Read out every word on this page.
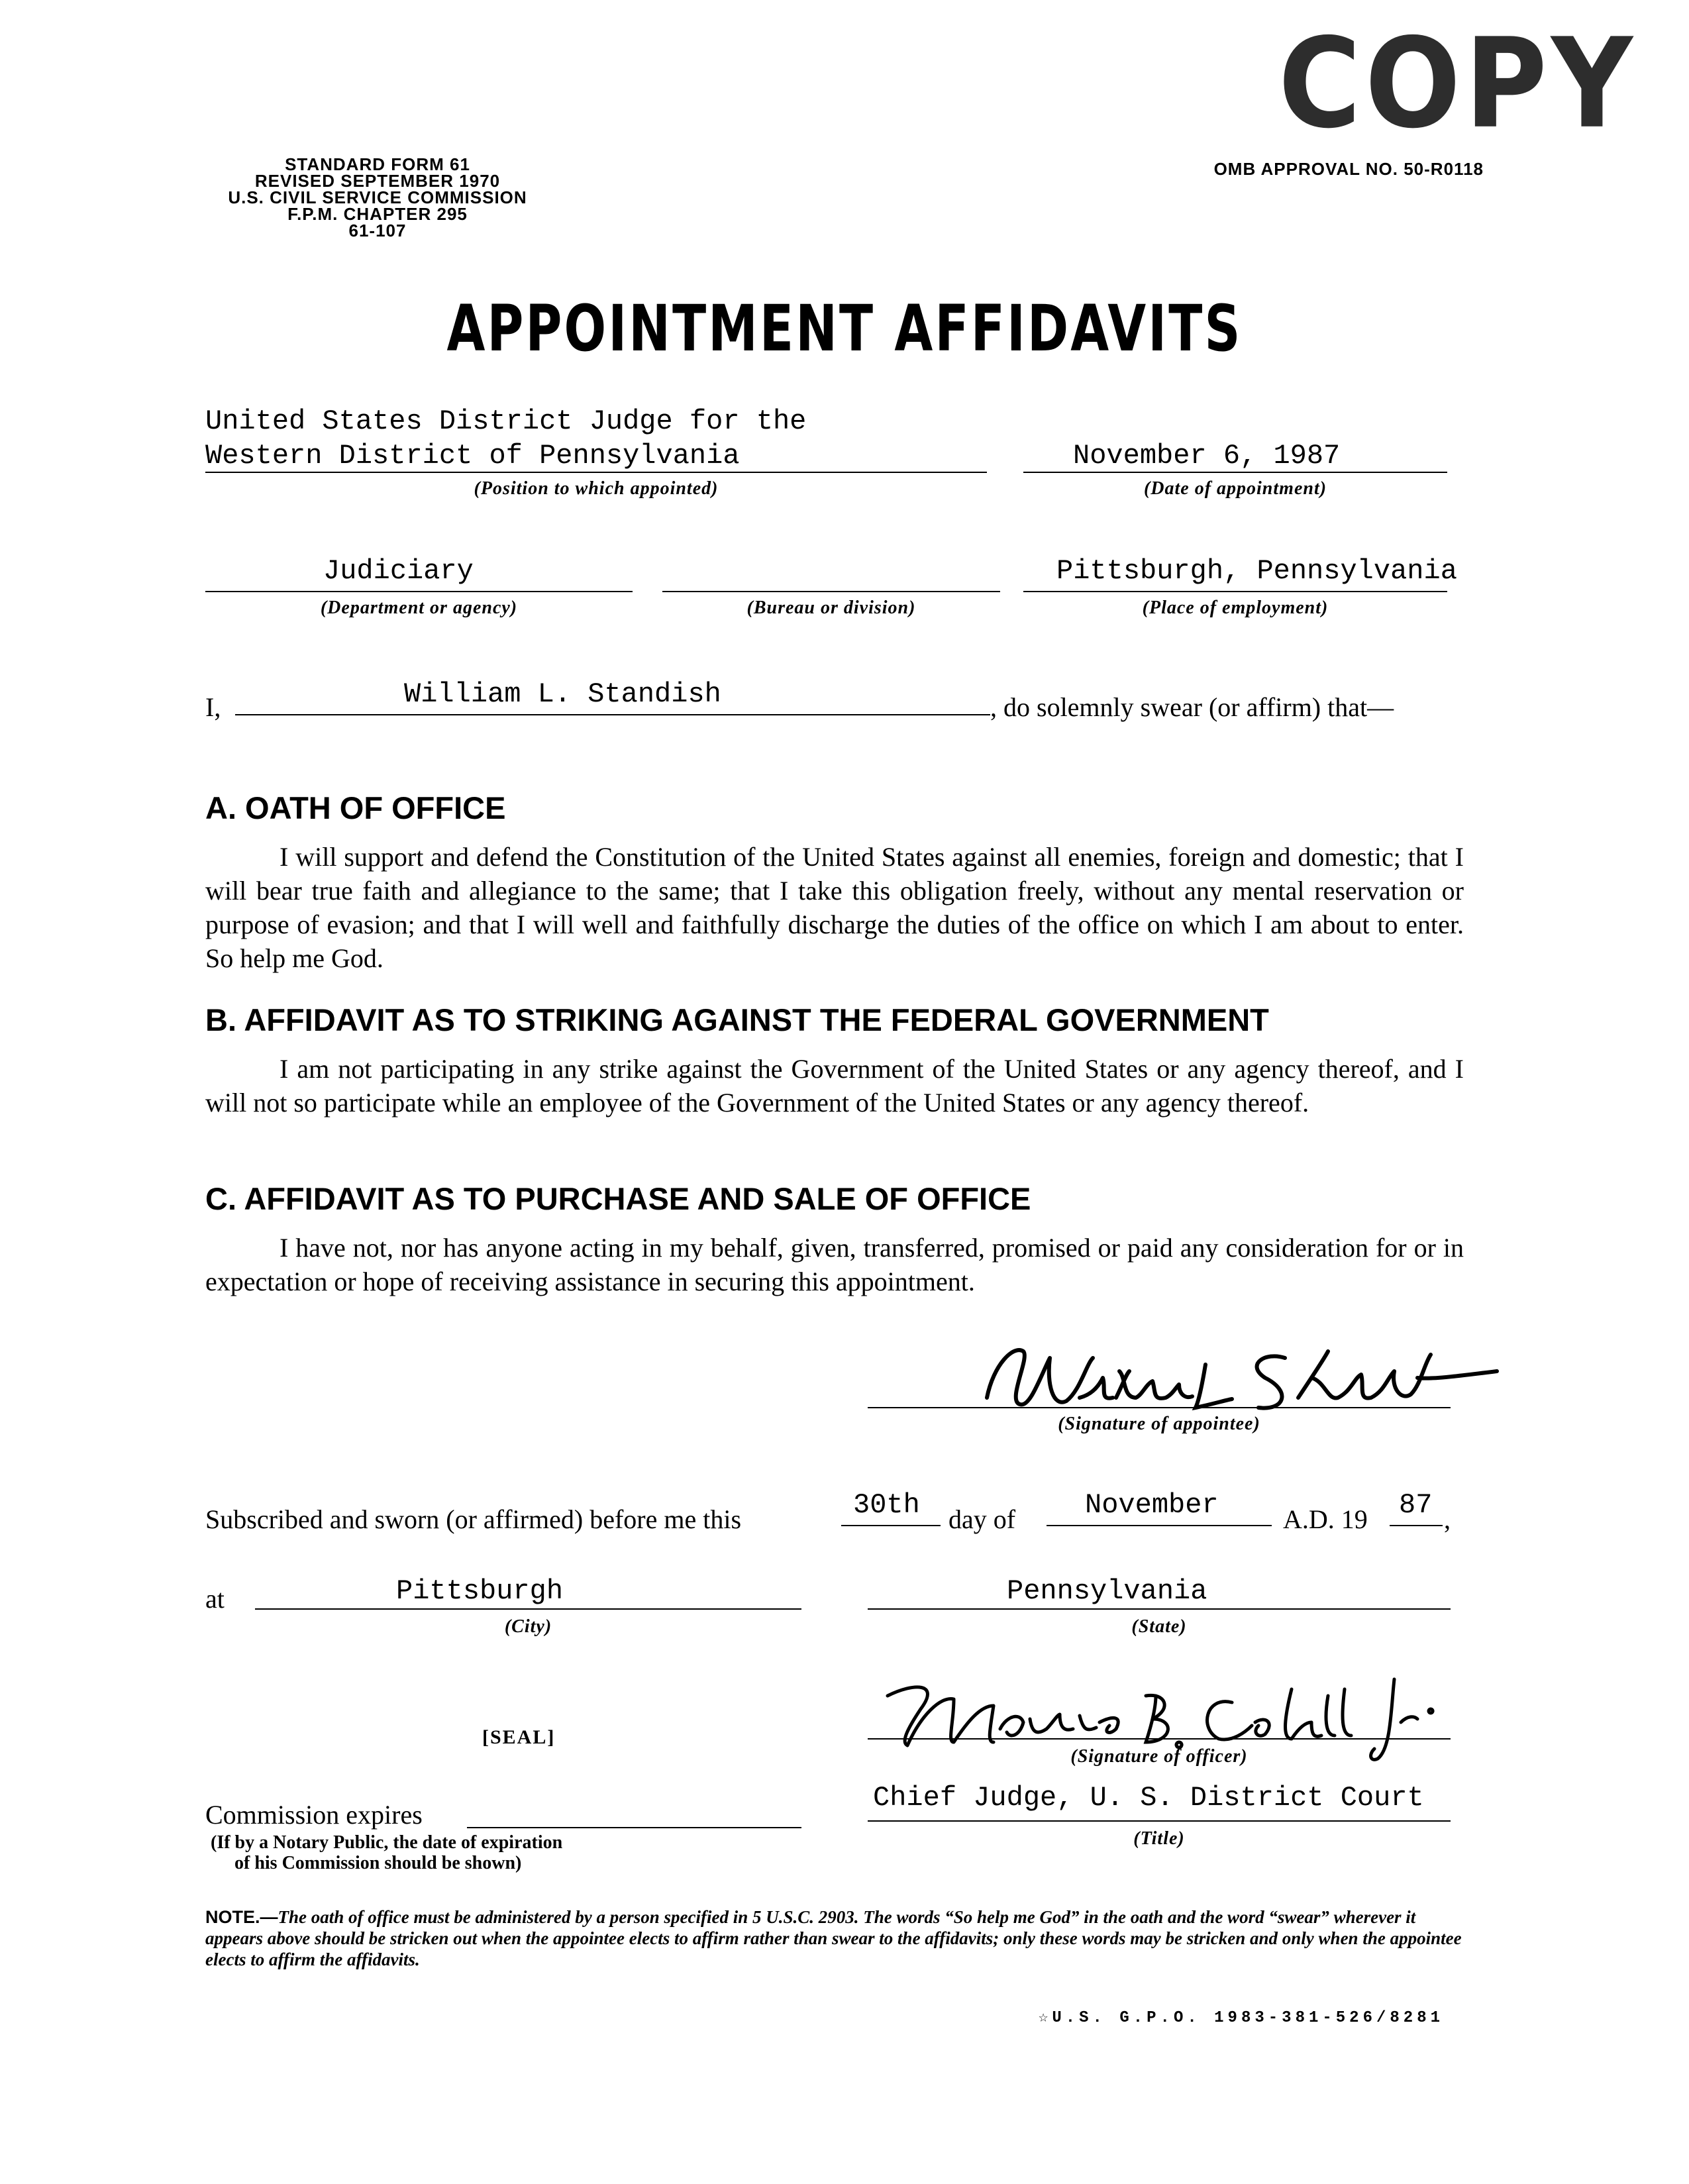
COPY
STANDARD FORM 61
REVISED SEPTEMBER 1970
U.S. CIVIL SERVICE COMMISSION
F.P.M. CHAPTER 295
61-107
OMB APPROVAL NO. 50-R0118
APPOINTMENT AFFIDAVITS
United States District Judge for the
Western District of Pennsylvania
(Position to which appointed)
November 6, 1987
(Date of appointment)
Judiciary
(Department or agency)	(Bureau or division)
Pittsburgh, Pennsylvania
(Place of employment)
I,	William L. Standish	, do solemnly swear (or affirm) that—
A. OATH OF OFFICE
I will support and defend the Constitution of the United States against all enemies, foreign and domestic; that I will bear true faith and allegiance to the same; that I take this obligation freely, without any mental reservation or purpose of evasion; and that I will well and faithfully discharge the duties of the office on which I am about to enter. So help me God.
B. AFFIDAVIT AS TO STRIKING AGAINST THE FEDERAL GOVERNMENT
I am not participating in any strike against the Government of the United States or any agency thereof, and I will not so participate while an employee of the Government of the United States or any agency thereof.
C. AFFIDAVIT AS TO PURCHASE AND SALE OF OFFICE
I have not, nor has anyone acting in my behalf, given, transferred, promised or paid any consideration for or in expectation or hope of receiving assistance in securing this appointment.
(Signature of appointee)
Subscribed and sworn (or affirmed) before me this	30th day of November A.D. 19 87 ,
at	Pittsburgh
(City)
Pennsylvania
(State)
[SEAL]
(Signature of officer)
Commission expires
(If by a Notary Public, the date of expiration
of his Commission should be shown)
Chief Judge, U. S. District Court
(Title)
NOTE.—The oath of office must be administered by a person specified in 5 U.S.C. 2903. The words “So help me God” in the oath and the word “swear” wherever it appears above should be stricken out when the appointee elects to affirm rather than swear to the affidavits; only these words may be stricken and only when the appointee elects to affirm the affidavits.
☆U.S. G.P.O. 1983-381-526/8281
